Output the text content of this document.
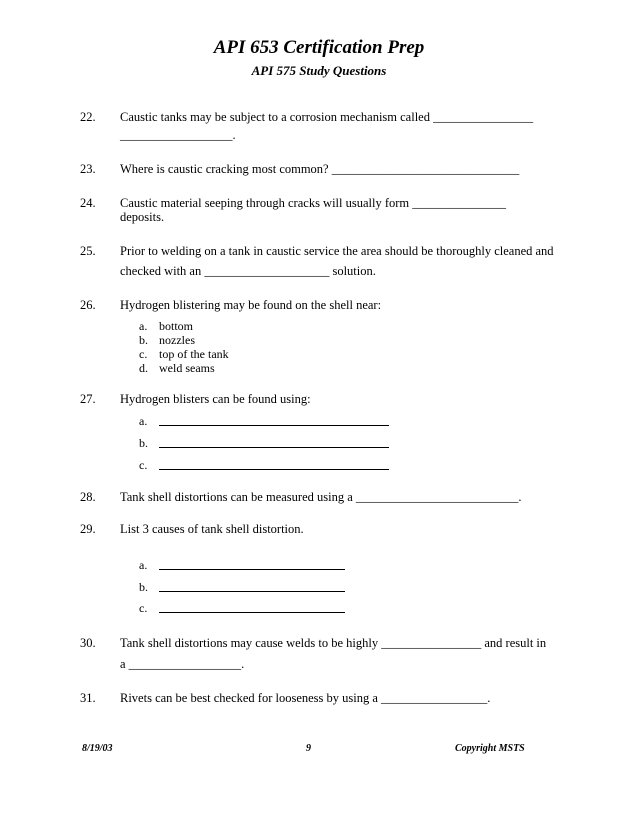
API 653 Certification Prep
API 575 Study Questions
22. Caustic tanks may be subject to a corrosion mechanism called ________________
__________________.
23. Where is caustic cracking most common? ______________________________
24. Caustic material seeping through cracks will usually form _______________
deposits.
25. Prior to welding on a tank in caustic service the area should be thoroughly cleaned and
checked with an ____________________ solution.
26. Hydrogen blistering may be found on the shell near:
a. bottom
b. nozzles
c. top of the tank
d. weld seams
27. Hydrogen blisters can be found using:
a.
b.
c.
28. Tank shell distortions can be measured using a __________________________.
29. List 3 causes of tank shell distortion.
a.
b.
c.
30. Tank shell distortions may cause welds to be highly ________________ and result in
a __________________.
31. Rivets can be best checked for looseness by using a _________________.
8/19/03	9	Copyright MSTS
